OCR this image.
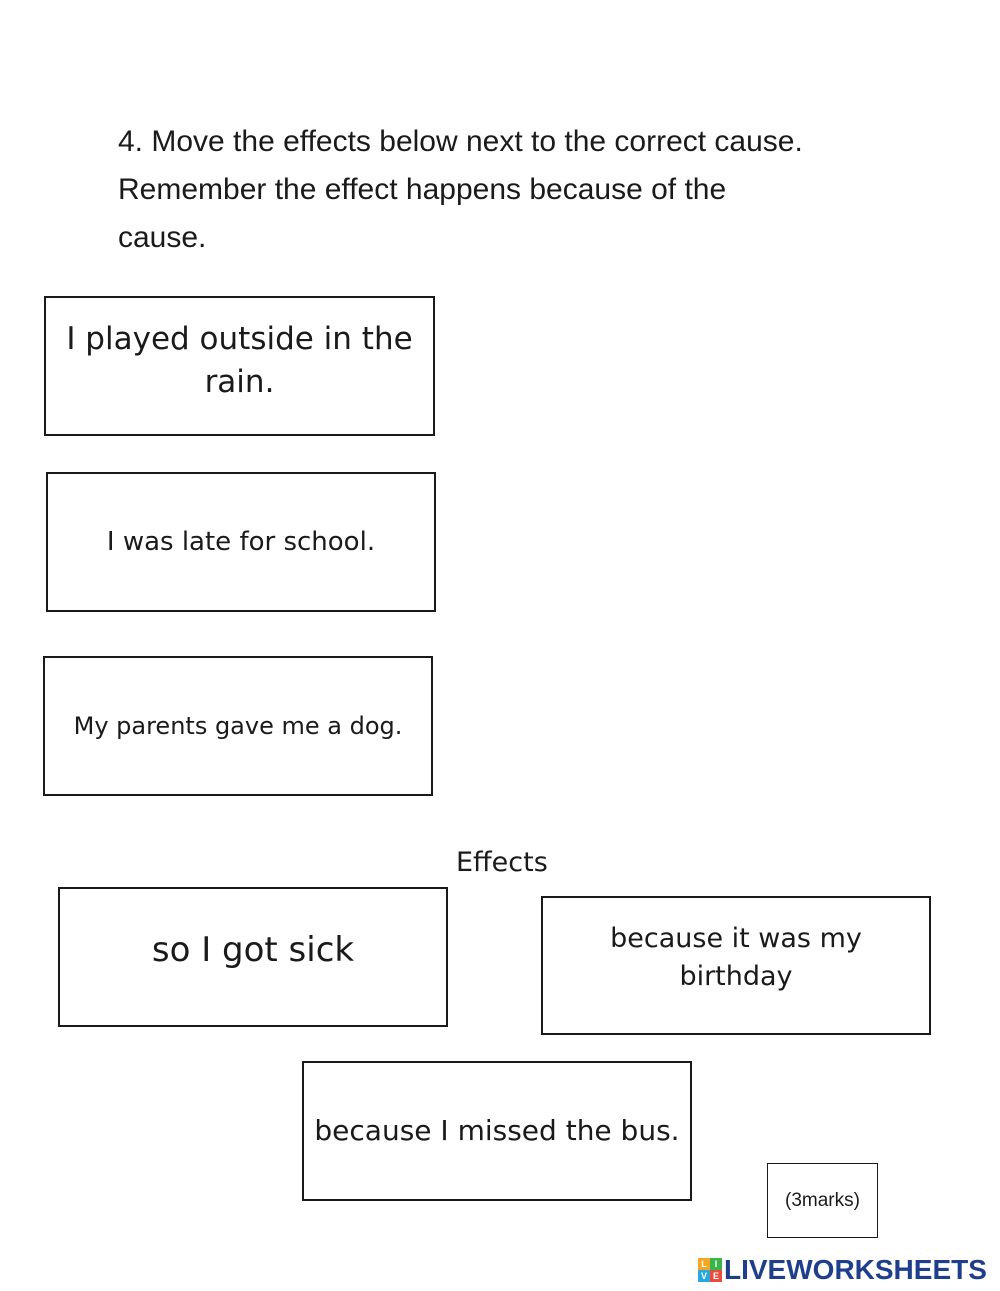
4. Move the effects below next to the correct cause.
Remember the effect happens because of the
cause.
I played outside in the rain.
I was late for school.
My parents gave me a dog.
Effects
so I got sick	because it was my birthday
because I missed the bus.
(3marks)
L I
V E LIVEWORKSHEETS
